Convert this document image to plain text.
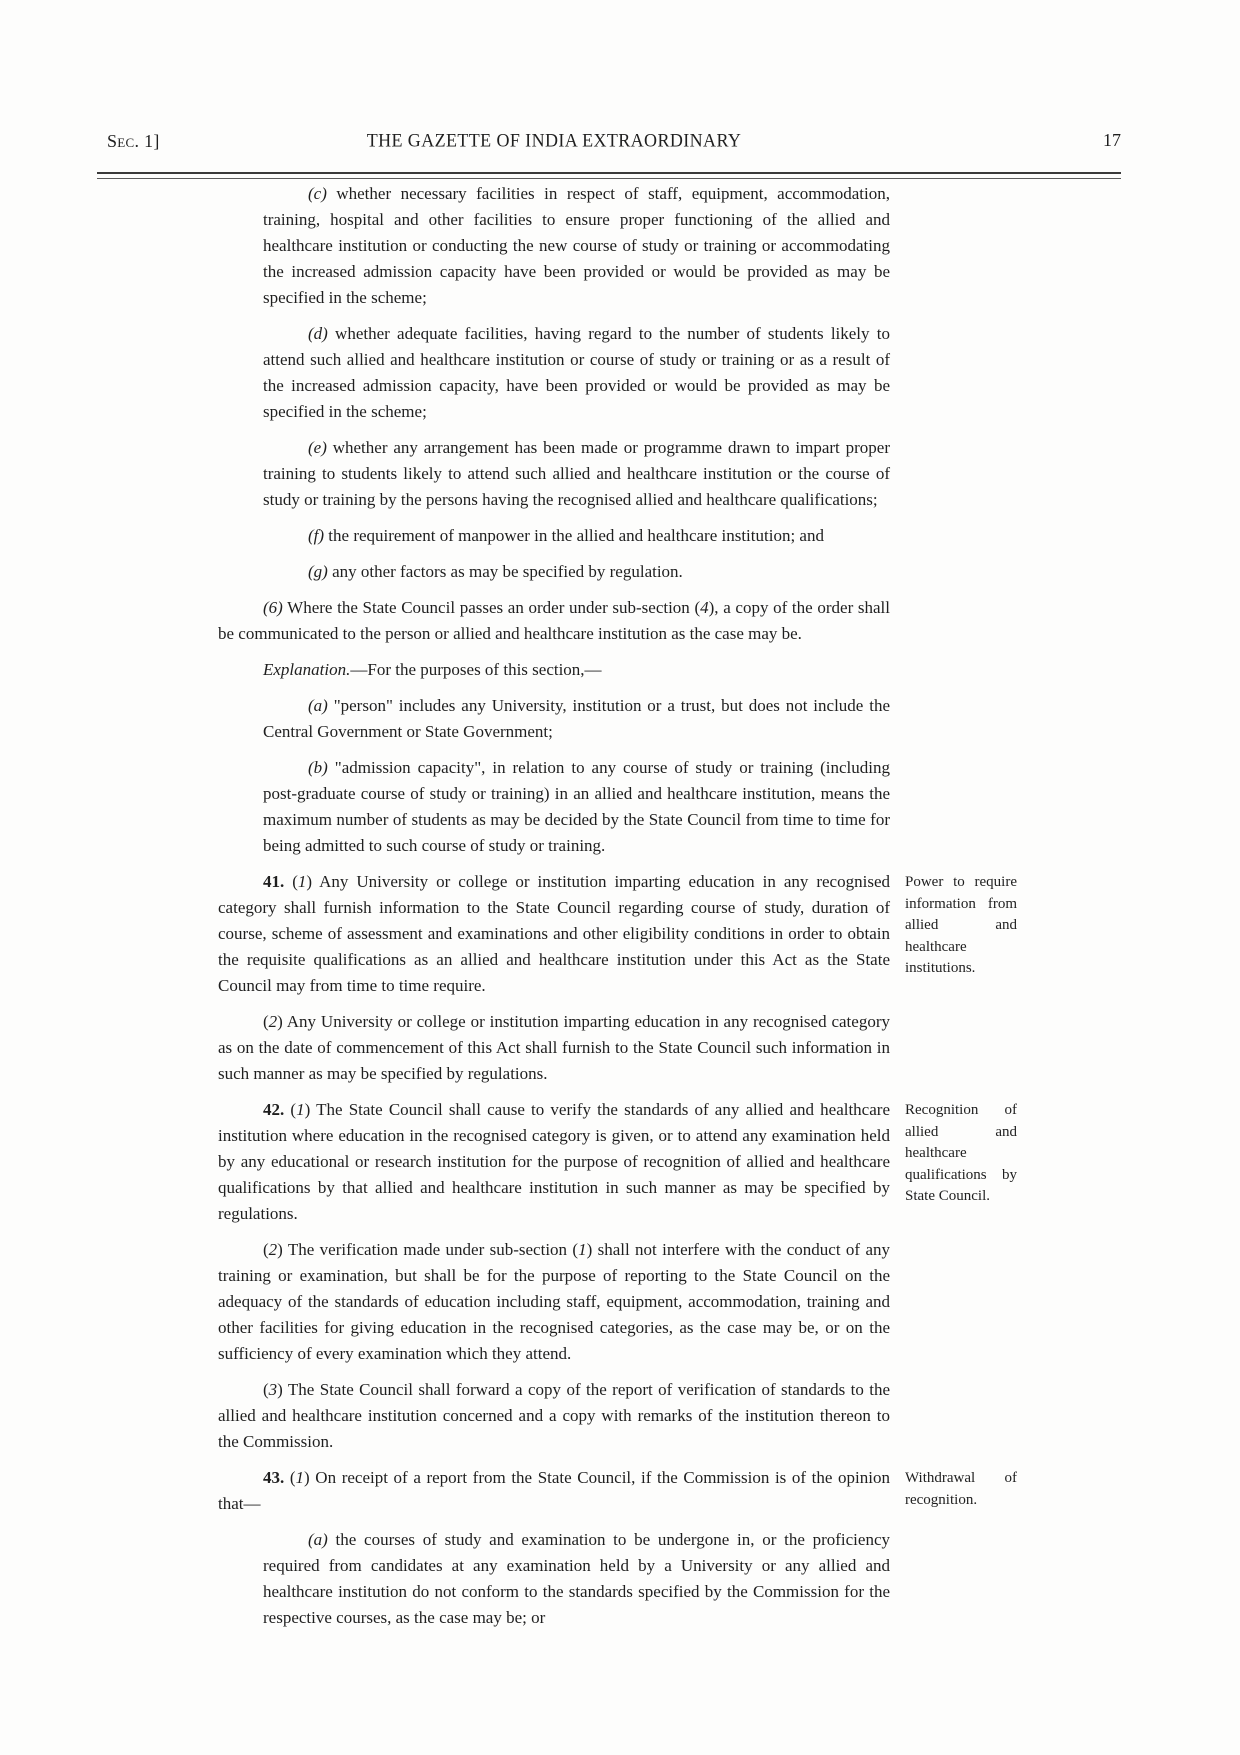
Sec. 1]	THE GAZETTE OF INDIA EXTRAORDINARY	17
(c) whether necessary facilities in respect of staff, equipment, accommodation, training, hospital and other facilities to ensure proper functioning of the allied and healthcare institution or conducting the new course of study or training or accommodating the increased admission capacity have been provided or would be provided as may be specified in the scheme;
(d) whether adequate facilities, having regard to the number of students likely to attend such allied and healthcare institution or course of study or training or as a result of the increased admission capacity, have been provided or would be provided as may be specified in the scheme;
(e) whether any arrangement has been made or programme drawn to impart proper training to students likely to attend such allied and healthcare institution or the course of study or training by the persons having the recognised allied and healthcare qualifications;
(f) the requirement of manpower in the allied and healthcare institution; and
(g) any other factors as may be specified by regulation.
(6) Where the State Council passes an order under sub-section (4), a copy of the order shall be communicated to the person or allied and healthcare institution as the case may be.
Explanation.—For the purposes of this section,—
(a) "person" includes any University, institution or a trust, but does not include the Central Government or State Government;
(b) "admission capacity", in relation to any course of study or training (including post-graduate course of study or training) in an allied and healthcare institution, means the maximum number of students as may be decided by the State Council from time to time for being admitted to such course of study or training.
41. (1) Any University or college or institution imparting education in any recognised category shall furnish information to the State Council regarding course of study, duration of course, scheme of assessment and examinations and other eligibility conditions in order to obtain the requisite qualifications as an allied and healthcare institution under this Act as the State Council may from time to time require.
Power to require information from allied and healthcare institutions.
(2) Any University or college or institution imparting education in any recognised category as on the date of commencement of this Act shall furnish to the State Council such information in such manner as may be specified by regulations.
42. (1) The State Council shall cause to verify the standards of any allied and healthcare institution where education in the recognised category is given, or to attend any examination held by any educational or research institution for the purpose of recognition of allied and healthcare qualifications by that allied and healthcare institution in such manner as may be specified by regulations.
Recognition of allied and healthcare qualifications by State Council.
(2) The verification made under sub-section (1) shall not interfere with the conduct of any training or examination, but shall be for the purpose of reporting to the State Council on the adequacy of the standards of education including staff, equipment, accommodation, training and other facilities for giving education in the recognised categories, as the case may be, or on the sufficiency of every examination which they attend.
(3) The State Council shall forward a copy of the report of verification of standards to the allied and healthcare institution concerned and a copy with remarks of the institution thereon to the Commission.
43. (1) On receipt of a report from the State Council, if the Commission is of the opinion that—
Withdrawal of recognition.
(a) the courses of study and examination to be undergone in, or the proficiency required from candidates at any examination held by a University or any allied and healthcare institution do not conform to the standards specified by the Commission for the respective courses, as the case may be; or
